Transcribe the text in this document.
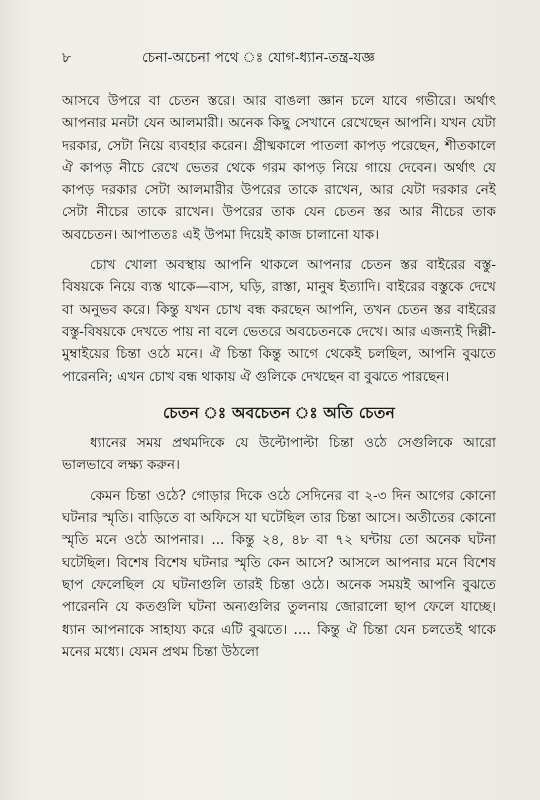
৮	চেনা-অচেনা পথে ঃ যোগ-ধ্যান-তন্ত্র-যজ্ঞ

আসবে উপরে বা চেতন স্তরে। আর বাঙলা জ্ঞান চলে যাবে গভীরে। অর্থাৎ আপনার মনটা যেন আলমারী। অনেক কিছু সেখানে রেখেছেন আপনি। যখন যেটা দরকার, সেটা নিয়ে ব্যবহার করেন। গ্রীষ্মকালে পাতলা কাপড় পরেছেন, শীতকালে ঐ কাপড় নীচে রেখে ভেতর থেকে গরম কাপড় নিয়ে গায়ে দেবেন। অর্থাৎ যে কাপড় দরকার সেটা আলমারীর উপরের তাকে রাখেন, আর যেটা দরকার নেই সেটা নীচের তাকে রাখেন। উপরের তাক যেন চেতন স্তর আর নীচের তাক অবচেতন। আপাততঃ এই উপমা দিয়েই কাজ চালানো যাক।

চোখ খোলা অবস্থায় আপনি থাকলে আপনার চেতন স্তর বাইরের বস্তু-বিষয়কে নিয়ে ব্যস্ত থাকে—বাস, ঘড়ি, রাস্তা, মানুষ ইত্যাদি। বাইরের বস্তুকে দেখে বা অনুভব করে। কিন্তু যখন চোখ বন্ধ করছেন আপনি, তখন চেতন স্তর বাইরের বস্তু-বিষয়কে দেখতে পায় না বলে ভেতরে অবচেতনকে দেখে। আর এজন্যই দিল্লী-মুম্বাইয়ের চিন্তা ওঠে মনে। ঐ চিন্তা কিন্তু আগে থেকেই চলছিল, আপনি বুঝতে পারেননি; এখন চোখ বন্ধ থাকায় ঐ গুলিকে দেখছেন বা বুঝতে পারছেন।

চেতন ঃ অবচেতন ঃ অতি চেতন

ধ্যানের সময় প্রথমদিকে যে উল্টোপাল্টা চিন্তা ওঠে সেগুলিকে আরো ভালভাবে লক্ষ্য করুন।

কেমন চিন্তা ওঠে? গোড়ার দিকে ওঠে সেদিনের বা ২-৩ দিন আগের কোনো ঘটনার স্মৃতি। বাড়িতে বা অফিসে যা ঘটেছিল তার চিন্তা আসে। অতীতের কোনো স্মৃতি মনে ওঠে আপনার। ... কিন্তু ২৪, ৪৮ বা ৭২ ঘন্টায় তো অনেক ঘটনা ঘটেছিল। বিশেষ বিশেষ ঘটনার স্মৃতি কেন আসে? আসলে আপনার মনে বিশেষ ছাপ ফেলেছিল যে ঘটনাগুলি তারই চিন্তা ওঠে। অনেক সময়ই আপনি বুঝতে পারেননি যে কতগুলি ঘটনা অন্যগুলির তুলনায় জোরালো ছাপ ফেলে যাচ্ছে। ধ্যান আপনাকে সাহায্য করে এটি বুঝতে। .... কিন্তু ঐ চিন্তা যেন চলতেই থাকে মনের মধ্যে। যেমন প্রথম চিন্তা উঠলো
